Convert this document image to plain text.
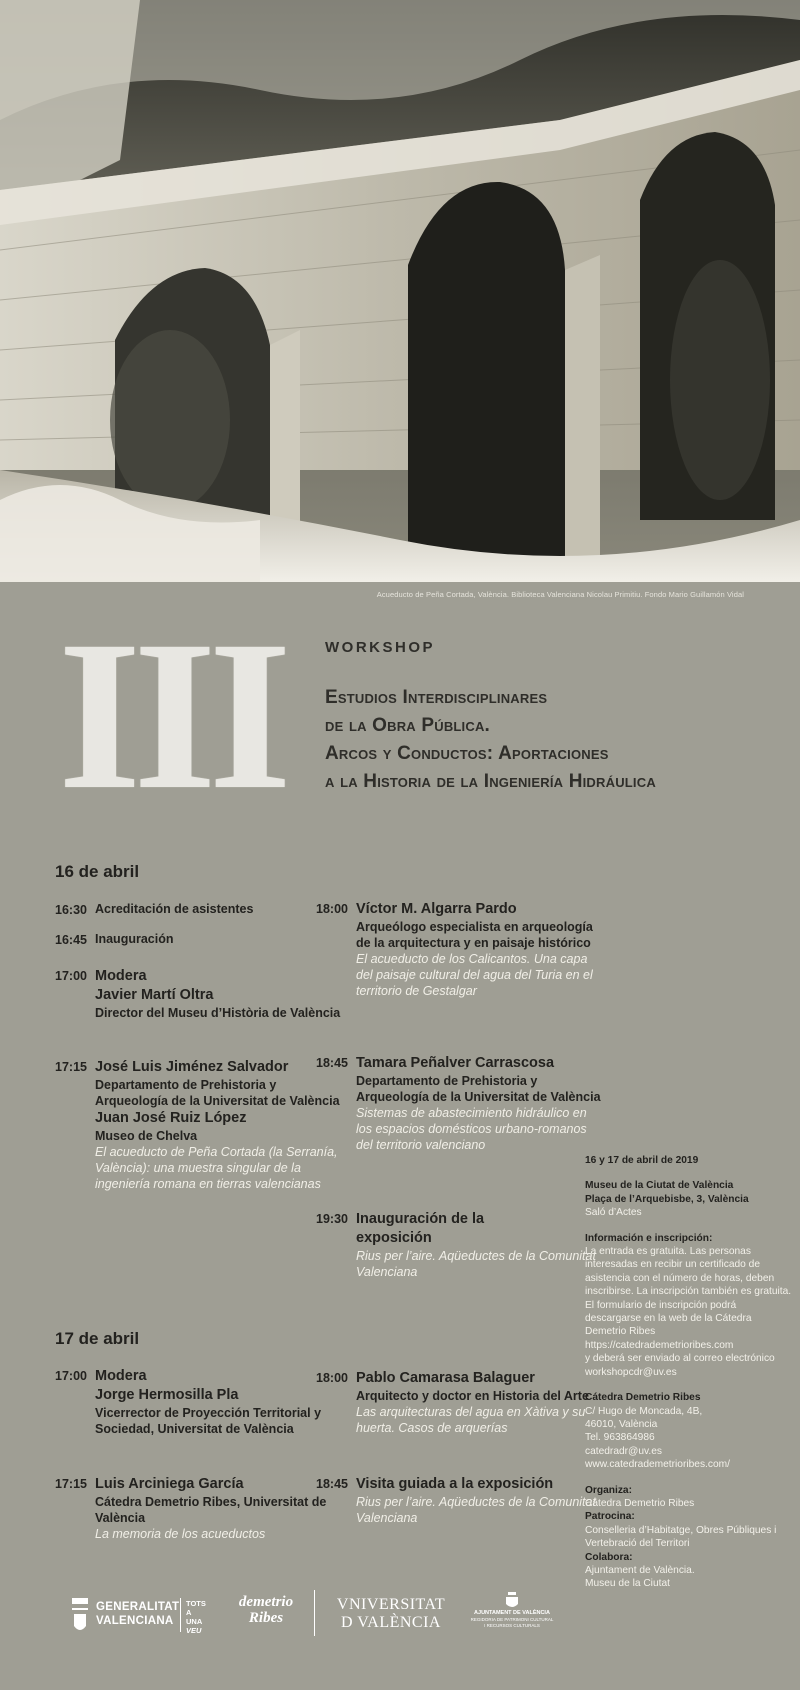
Acueducto de Peña Cortada, València. Biblioteca Valenciana Nicolau Primitiu. Fondo Mario Guillamón Vidal
III	WORKSHOP
Estudios Interdisciplinares
de la Obra Pública.
Arcos y Conductos: Aportaciones
a la Historia de la Ingeniería Hidráulica
16 de abril
16:30 Acreditación de asistentes
16:45 Inauguración
17:00 Modera
Javier Martí Oltra
Director del Museu d’Història de València
17:15 José Luis Jiménez Salvador
Departamento de Prehistoria y Arqueología de la Universitat de València
Juan José Ruiz López
Museo de Chelva
El acueducto de Peña Cortada (la Serranía, València): una muestra singular de la ingeniería romana en tierras valencianas
18:00 Víctor M. Algarra Pardo
Arqueólogo especialista en arqueología de la arquitectura y en paisaje histórico
El acueducto de los Calicantos. Una capa del paisaje cultural del agua del Turia en el territorio de Gestalgar
18:45 Tamara Peñalver Carrascosa
Departamento de Prehistoria y Arqueología de la Universitat de València
Sistemas de abastecimiento hidráulico en los espacios domésticos urbano-romanos del territorio valenciano
19:30 Inauguración de la exposición
Rius per l’aire. Aqüeductes de la Comunitat Valenciana
17 de abril
17:00 Modera
Jorge Hermosilla Pla
Vicerrector de Proyección Territorial y Sociedad, Universitat de València
17:15 Luis Arciniega García
Cátedra Demetrio Ribes, Universitat de València
La memoria de los acueductos
18:00 Pablo Camarasa Balaguer
Arquitecto y doctor en Historia del Arte
Las arquitecturas del agua en Xàtiva y su huerta. Casos de arquerías
18:45 Visita guiada a la exposición
Rius per l’aire. Aqüeductes de la Comunitat Valenciana
16 y 17 de abril de 2019
Museu de la Ciutat de València
Plaça de l’Arquebisbe, 3, València
Saló d’Actes
Información e inscripción:
La entrada es gratuita. Las personas interesadas en recibir un certificado de asistencia con el número de horas, deben inscribirse. La inscripción también es gratuita. El formulario de inscripción podrá descargarse en la web de la Cátedra Demetrio Ribes
https://catedrademetrioribes.com
y deberá ser enviado al correo electrónico
workshopcdr@uv.es
Cátedra Demetrio Ribes
C/ Hugo de Moncada, 4B,
46010, València
Tel. 963864986
catedradr@uv.es
www.catedrademetrioribes.com/
Organiza:
Cátedra Demetrio Ribes
Patrocina:
Conselleria d’Habitatge, Obres Públiques i Vertebració del Territori
Colabora:
Ajuntament de València.
Museu de la Ciutat
GENERALITAT
VALENCIANA
TOTS
A UNA
VEU
demetrio Ribes
VNIVERSITAT
D VALÈNCIA
AJUNTAMENT DE VALÈNCIA
REGIDORIA DE PATRIMONI CULTURAL
I RECURSOS CULTURALS
